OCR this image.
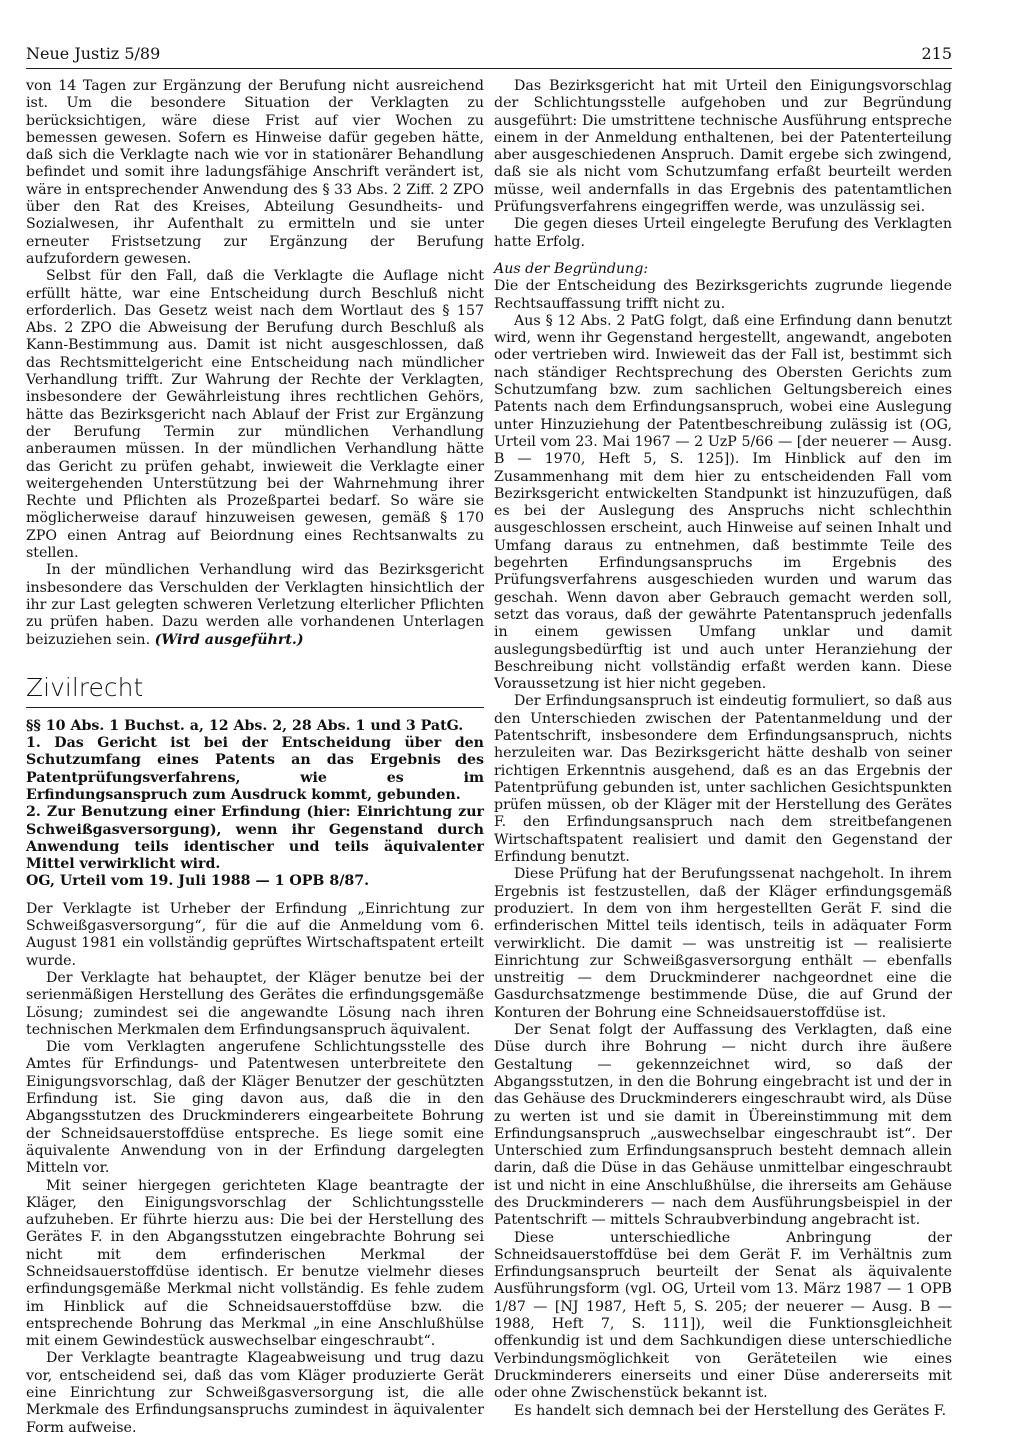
Neue Justiz 5/89	215

von 14 Tagen zur Ergänzung der Berufung nicht ausreichend ist. Um die besondere Situation der Verklagten zu berücksichtigen, wäre diese Frist auf vier Wochen zu bemessen gewesen. Sofern es Hinweise dafür gegeben hätte, daß sich die Verklagte nach wie vor in stationärer Behandlung befindet und somit ihre ladungsfähige Anschrift verändert ist, wäre in entsprechender Anwendung des § 33 Abs. 2 Ziff. 2 ZPO über den Rat des Kreises, Abteilung Gesundheits- und Sozialwesen, ihr Aufenthalt zu ermitteln und sie unter erneuter Fristsetzung zur Ergänzung der Berufung aufzufordern gewesen.

Selbst für den Fall, daß die Verklagte die Auflage nicht erfüllt hätte, war eine Entscheidung durch Beschluß nicht erforderlich. Das Gesetz weist nach dem Wortlaut des § 157 Abs. 2 ZPO die Abweisung der Berufung durch Beschluß als Kann-Bestimmung aus. Damit ist nicht ausgeschlossen, daß das Rechtsmittelgericht eine Entscheidung nach mündlicher Verhandlung trifft. Zur Wahrung der Rechte der Verklagten, insbesondere der Gewährleistung ihres rechtlichen Gehörs, hätte das Bezirksgericht nach Ablauf der Frist zur Ergänzung der Berufung Termin zur mündlichen Verhandlung anberaumen müssen. In der mündlichen Verhandlung hätte das Gericht zu prüfen gehabt, inwieweit die Verklagte einer weitergehenden Unterstützung bei der Wahrnehmung ihrer Rechte und Pflichten als Prozeßpartei bedarf. So wäre sie möglicherweise darauf hinzuweisen gewesen, gemäß § 170 ZPO einen Antrag auf Beiordnung eines Rechtsanwalts zu stellen.

In der mündlichen Verhandlung wird das Bezirksgericht insbesondere das Verschulden der Verklagten hinsichtlich der ihr zur Last gelegten schweren Verletzung elterlicher Pflichten zu prüfen haben. Dazu werden alle vorhandenen Unterlagen beizuziehen sein. (Wird ausgeführt.)

Zivilrecht

§§ 10 Abs. 1 Buchst. a, 12 Abs. 2, 28 Abs. 1 und 3 PatG.

1. Das Gericht ist bei der Entscheidung über den Schutzumfang eines Patents an das Ergebnis des Patentprüfungsverfahrens, wie es im Erfindungsanspruch zum Ausdruck kommt, gebunden.

2. Zur Benutzung einer Erfindung (hier: Einrichtung zur Schweißgasversorgung), wenn ihr Gegenstand durch Anwendung teils identischer und teils äquivalenter Mittel verwirklicht wird.

OG, Urteil vom 19. Juli 1988 — 1 OPB 8/87.

Der Verklagte ist Urheber der Erfindung „Einrichtung zur Schweißgasversorgung“, für die auf die Anmeldung vom 6. August 1981 ein vollständig geprüftes Wirtschaftspatent erteilt wurde.

Der Verklagte hat behauptet, der Kläger benutze bei der serienmäßigen Herstellung des Gerätes die erfindungsgemäße Lösung; zumindest sei die angewandte Lösung nach ihren technischen Merkmalen dem Erfindungsanspruch äquivalent.

Die vom Verklagten angerufene Schlichtungsstelle des Amtes für Erfindungs- und Patentwesen unterbreitete den Einigungsvorschlag, daß der Kläger Benutzer der geschützten Erfindung ist. Sie ging davon aus, daß die in den Abgangsstutzen des Druckminderers eingearbeitete Bohrung der Schneidsauerstoffdüse entspreche. Es liege somit eine äquivalente Anwendung von in der Erfindung dargelegten Mitteln vor.

Mit seiner hiergegen gerichteten Klage beantragte der Kläger, den Einigungsvorschlag der Schlichtungsstelle aufzuheben. Er führte hierzu aus: Die bei der Herstellung des Gerätes F. in den Abgangsstutzen eingebrachte Bohrung sei nicht mit dem erfinderischen Merkmal der Schneidsauerstoffdüse identisch. Er benutze vielmehr dieses erfindungsgemäße Merkmal nicht vollständig. Es fehle zudem im Hinblick auf die Schneidsauerstoffdüse bzw. die entsprechende Bohrung das Merkmal „in eine Anschlußhülse mit einem Gewindestück auswechselbar eingeschraubt“.

Der Verklagte beantragte Klageabweisung und trug dazu vor, entscheidend sei, daß das vom Kläger produzierte Gerät eine Einrichtung zur Schweißgasversorgung ist, die alle Merkmale des Erfindungsanspruchs zumindest in äquivalenter Form aufweise.

Das Bezirksgericht hat mit Urteil den Einigungsvorschlag der Schlichtungsstelle aufgehoben und zur Begründung ausgeführt: Die umstrittene technische Ausführung entspreche einem in der Anmeldung enthaltenen, bei der Patenterteilung aber ausgeschiedenen Anspruch. Damit ergebe sich zwingend, daß sie als nicht vom Schutzumfang erfaßt beurteilt werden müsse, weil andernfalls in das Ergebnis des patentamtlichen Prüfungsverfahrens eingegriffen werde, was unzulässig sei.

Die gegen dieses Urteil eingelegte Berufung des Verklagten hatte Erfolg.

Aus der Begründung:

Die der Entscheidung des Bezirksgerichts zugrunde liegende Rechtsauffassung trifft nicht zu.

Aus § 12 Abs. 2 PatG folgt, daß eine Erfindung dann benutzt wird, wenn ihr Gegenstand hergestellt, angewandt, angeboten oder vertrieben wird. Inwieweit das der Fall ist, bestimmt sich nach ständiger Rechtsprechung des Obersten Gerichts zum Schutzumfang bzw. zum sachlichen Geltungsbereich eines Patents nach dem Erfindungsanspruch, wobei eine Auslegung unter Hinzuziehung der Patentbeschreibung zulässig ist (OG, Urteil vom 23. Mai 1967 — 2 UzP 5/66 — [der neuerer — Ausg. B — 1970, Heft 5, S. 125]). Im Hinblick auf den im Zusammenhang mit dem hier zu entscheidenden Fall vom Bezirksgericht entwickelten Standpunkt ist hinzuzufügen, daß es bei der Auslegung des Anspruchs nicht schlechthin ausgeschlossen erscheint, auch Hinweise auf seinen Inhalt und Umfang daraus zu entnehmen, daß bestimmte Teile des begehrten Erfindungsanspruchs im Ergebnis des Prüfungsverfahrens ausgeschieden wurden und warum das geschah. Wenn davon aber Gebrauch gemacht werden soll, setzt das voraus, daß der gewährte Patentanspruch jedenfalls in einem gewissen Umfang unklar und damit auslegungsbedürftig ist und auch unter Heranziehung der Beschreibung nicht vollständig erfaßt werden kann. Diese Voraussetzung ist hier nicht gegeben.

Der Erfindungsanspruch ist eindeutig formuliert, so daß aus den Unterschieden zwischen der Patentanmeldung und der Patentschrift, insbesondere dem Erfindungsanspruch, nichts herzuleiten war. Das Bezirksgericht hätte deshalb von seiner richtigen Erkenntnis ausgehend, daß es an das Ergebnis der Patentprüfung gebunden ist, unter sachlichen Gesichtspunkten prüfen müssen, ob der Kläger mit der Herstellung des Gerätes F. den Erfindungsanspruch nach dem streitbefangenen Wirtschaftspatent realisiert und damit den Gegenstand der Erfindung benutzt.

Diese Prüfung hat der Berufungssenat nachgeholt. In ihrem Ergebnis ist festzustellen, daß der Kläger erfindungsgemäß produziert. In dem von ihm hergestellten Gerät F. sind die erfinderischen Mittel teils identisch, teils in adäquater Form verwirklicht. Die damit — was unstreitig ist — realisierte Einrichtung zur Schweißgasversorgung enthält — ebenfalls unstreitig — dem Druckminderer nachgeordnet eine die Gasdurchsatzmenge bestimmende Düse, die auf Grund der Konturen der Bohrung eine Schneidsauerstoffdüse ist.

Der Senat folgt der Auffassung des Verklagten, daß eine Düse durch ihre Bohrung — nicht durch ihre äußere Gestaltung — gekennzeichnet wird, so daß der Abgangsstutzen, in den die Bohrung eingebracht ist und der in das Gehäuse des Druckminderers eingeschraubt wird, als Düse zu werten ist und sie damit in Übereinstimmung mit dem Erfindungsanspruch „auswechselbar eingeschraubt ist“. Der Unterschied zum Erfindungsanspruch besteht demnach allein darin, daß die Düse in das Gehäuse unmittelbar eingeschraubt ist und nicht in eine Anschlußhülse, die ihrerseits am Gehäuse des Druckminderers — nach dem Ausführungsbeispiel in der Patentschrift — mittels Schraubverbindung angebracht ist.

Diese unterschiedliche Anbringung der Schneidsauerstoffdüse bei dem Gerät F. im Verhältnis zum Erfindungsanspruch beurteilt der Senat als äquivalente Ausführungsform (vgl. OG, Urteil vom 13. März 1987 — 1 OPB 1/87 — [NJ 1987, Heft 5, S. 205; der neuerer — Ausg. B — 1988, Heft 7, S. 111]), weil die Funktionsgleichheit offenkundig ist und dem Sachkundigen diese unterschiedliche Verbindungsmöglichkeit von Geräteteilen wie eines Druckminderers einerseits und einer Düse andererseits mit oder ohne Zwischenstück bekannt ist.

Es handelt sich demnach bei der Herstellung des Gerätes F.
